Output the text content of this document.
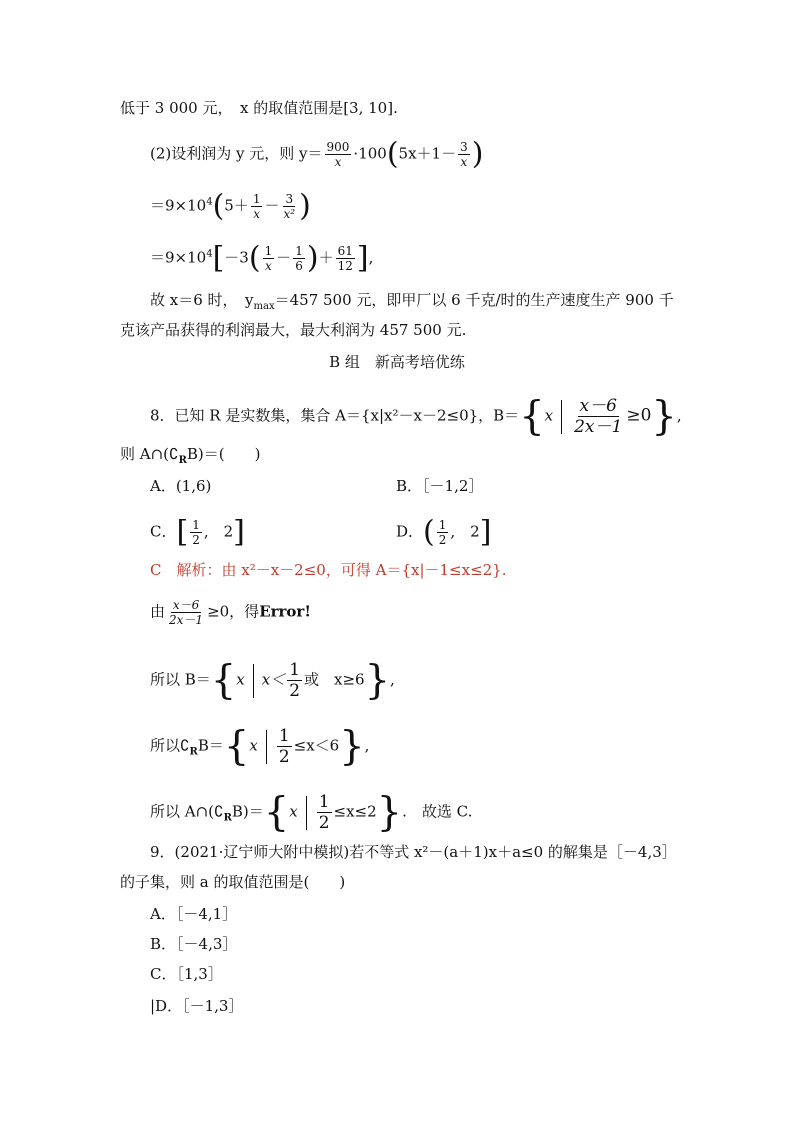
低于 3 000 元，　x 的取值范围是[3, 10].
(2)设利润为 y 元，则 $y= \frac{900}{x} \cdot 100(5x+1- \frac{3}{x}$ )
$=9\times 10^4(5+ \frac{1}{x} - \frac{3}{\text{x²}}$ )
$=9\times 10^4[-3( \frac{1}{x} - \frac{1}{6}$ )＋ $\frac{61}{12}$ ],
故 x＝6 时，　$y_{max}=457$ 500 元，即甲厂以 6 千克/时的生产速度生产 900 千
克该产品获得的利润最大，最大利润为 457 500 元.
B 组　新高考培优练
8．已知 R 是实数集，集合 A＝{x|x²－x－2≤0}，$B=\{x \frac{x-6}{2x-1} \ge 0\}$,
则 $A\cap(∁_RB)=$(　　)
A．(1,6)	B．［－1,2］
C．[ $\frac{1}{2}$ ,　2]	D．( $\frac{1}{2}$ ,　2]
C　解析：由 x²－x－2≤0，可得 A＝{x|－1≤x≤2}.
由 $\frac{x-6}{2x-1} \ge 0$，得Error!
所以 B＝{x $x< \frac{1}{2}$ 或　x≥6},
所以$∁_RB=\{x \frac{1}{2} \le x<6\}$,
所以 $A\cap(∁_RB)=\{x \frac{1}{2} \le x\le 2\}$.　故选 C.
9．(2021·辽宁师大附中模拟)若不等式 x²－(a＋1)x＋a≤0 的解集是［－4,3］
的子集，则 a 的取值范围是(　　)
A．［－4,1］
B．［－4,3］
C．［1,3］
|D．［－1,3］
